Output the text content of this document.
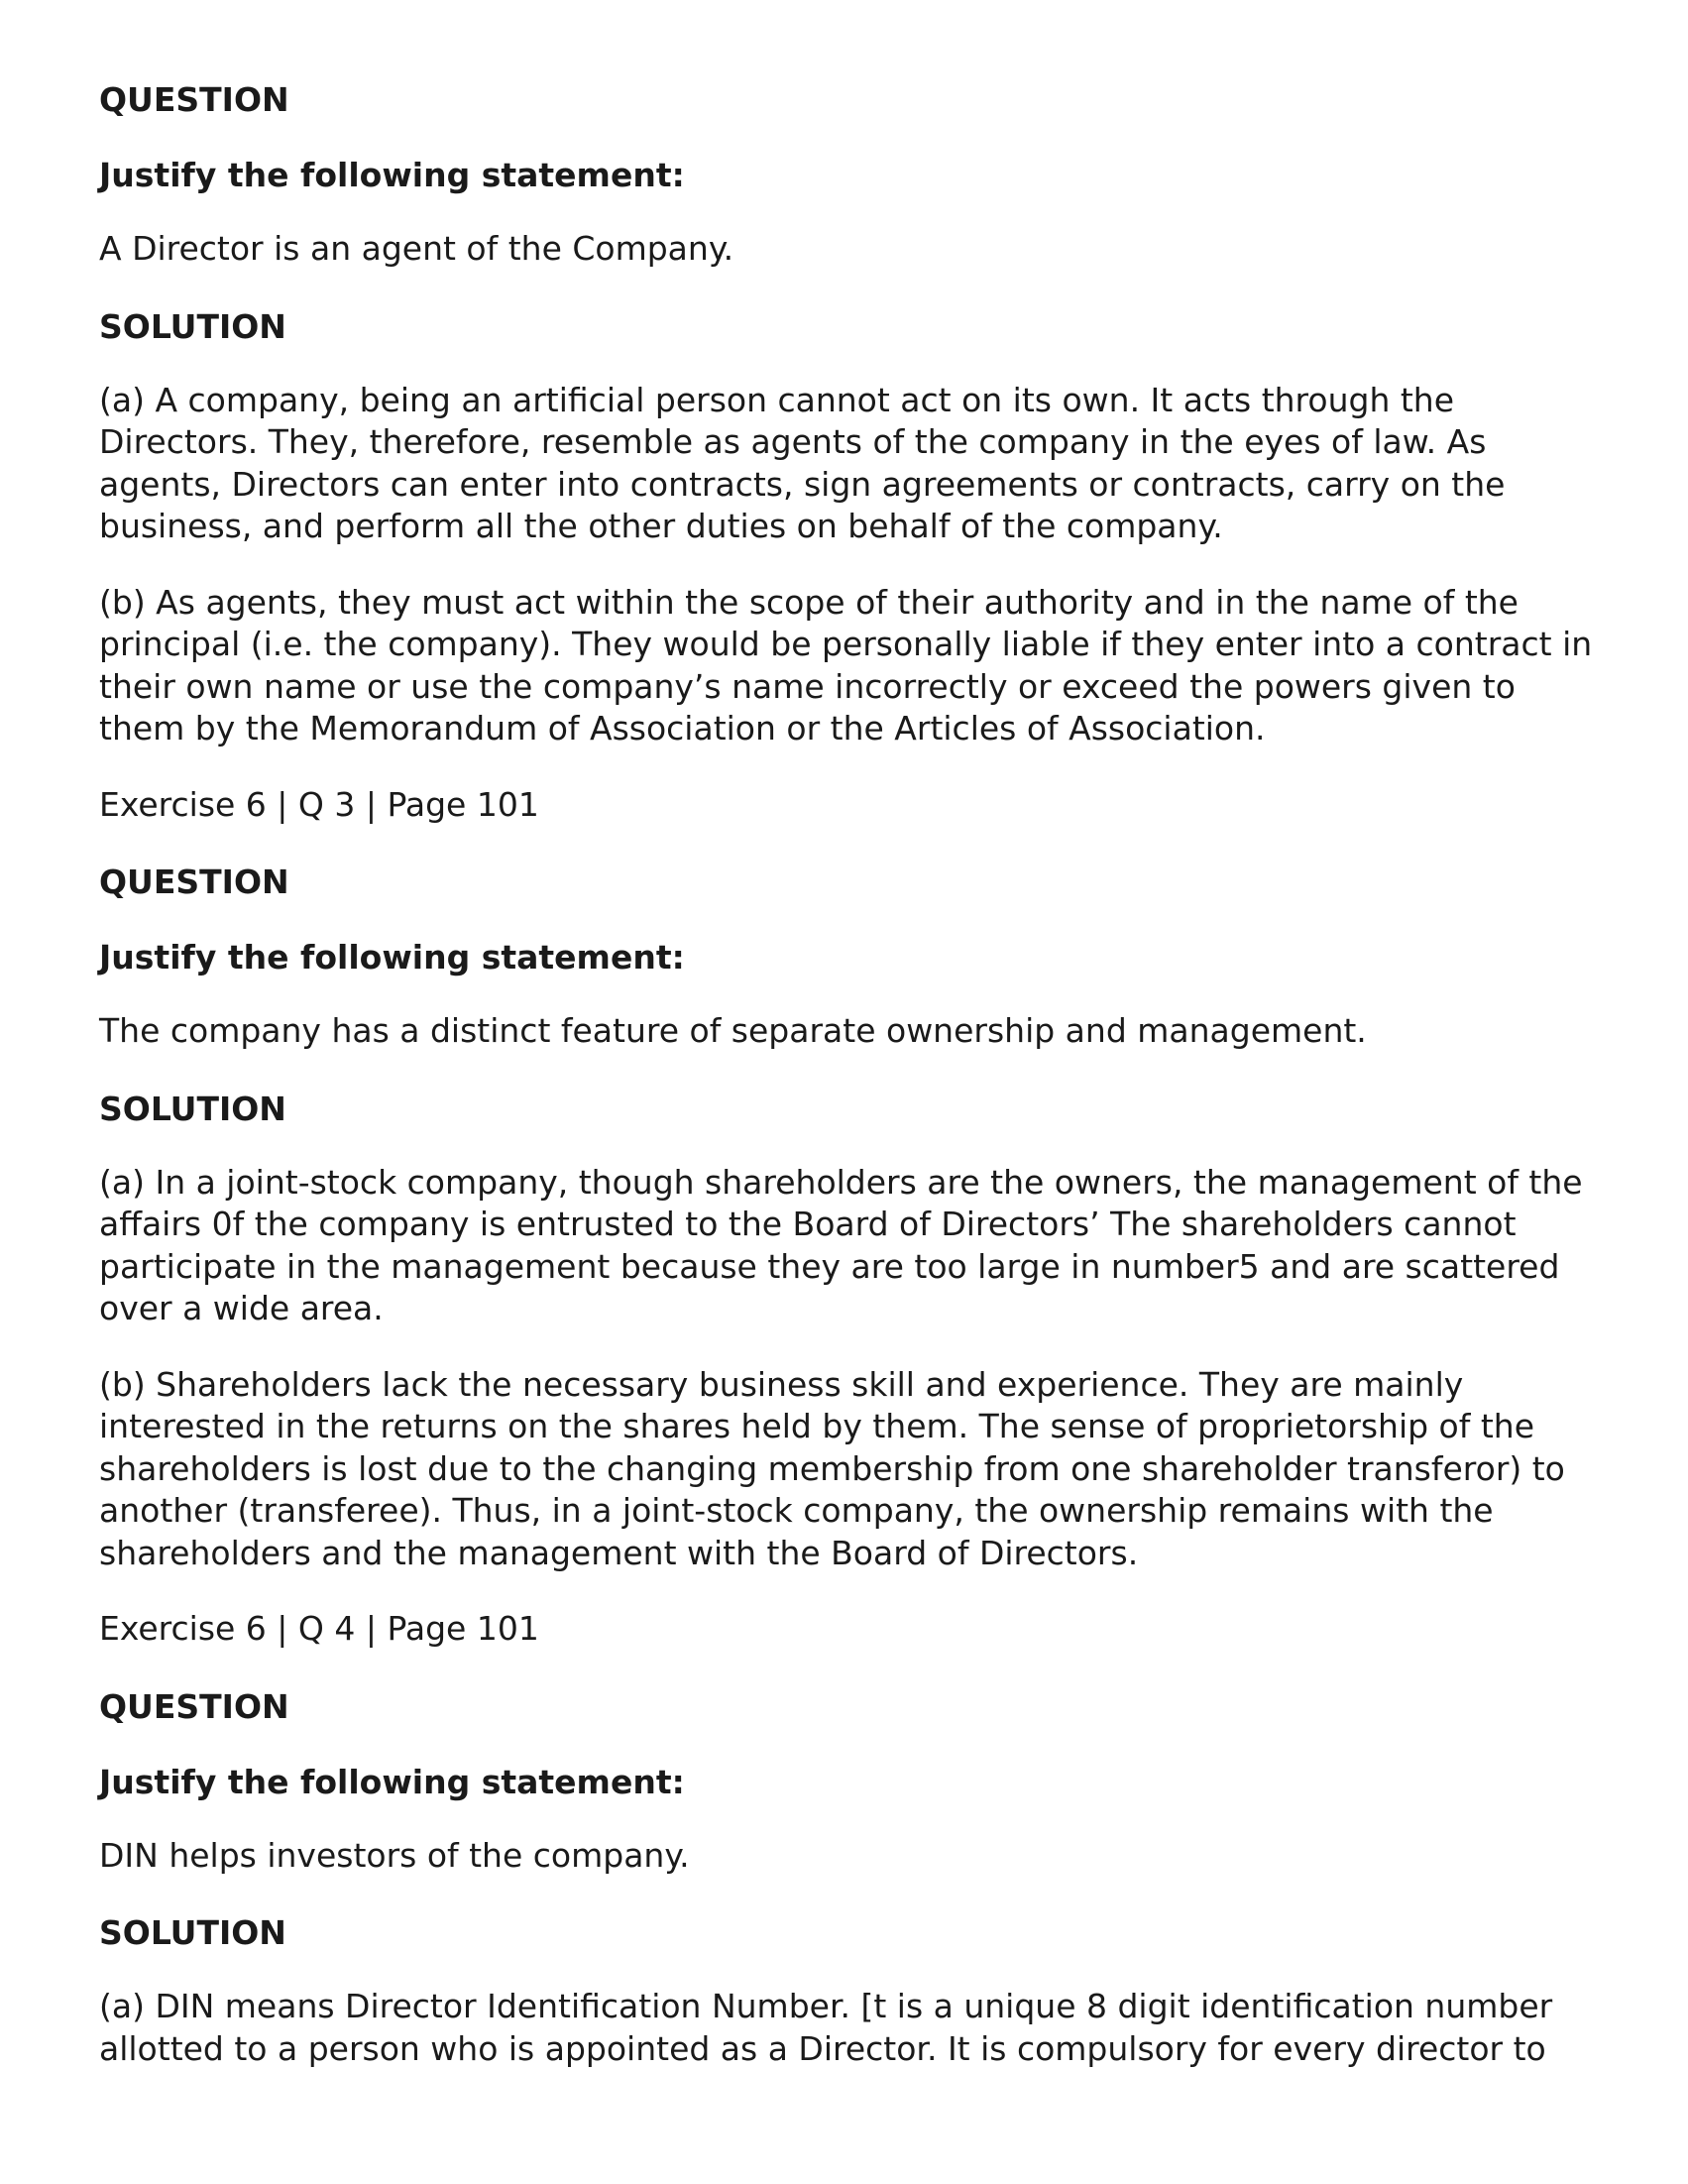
QUESTION
Justify the following statement:
A Director is an agent of the Company.
SOLUTION

(a) A company, being an artificial person cannot act on its own. It acts through the Directors. They, therefore, resemble as agents of the company in the eyes of law. As agents, Directors can enter into contracts, sign agreements or contracts, carry on the business, and perform all the other duties on behalf of the company.

(b) As agents, they must act within the scope of their authority and in the name of the principal (i.e. the company). They would be personally liable if they enter into a contract in their own name or use the company’s name incorrectly or exceed the powers given to them by the Memorandum of Association or the Articles of Association.

Exercise 6 | Q 3 | Page 101
QUESTION
Justify the following statement:
The company has a distinct feature of separate ownership and management.
SOLUTION

(a) In a joint-stock company, though shareholders are the owners, the management of the affairs 0f the company is entrusted to the Board of Directors’ The shareholders cannot participate in the management because they are too large in number5 and are scattered over a wide area.

(b) Shareholders lack the necessary business skill and experience. They are mainly interested in the returns on the shares held by them. The sense of proprietorship of the shareholders is lost due to the changing membership from one shareholder transferor) to another (transferee). Thus, in a joint-stock company, the ownership remains with the shareholders and the management with the Board of Directors.

Exercise 6 | Q 4 | Page 101
QUESTION
Justify the following statement:
DIN helps investors of the company.
SOLUTION

(a) DIN means Director Identification Number. [t is a unique 8 digit identification number allotted to a person who is appointed as a Director. It is compulsory for every director to
